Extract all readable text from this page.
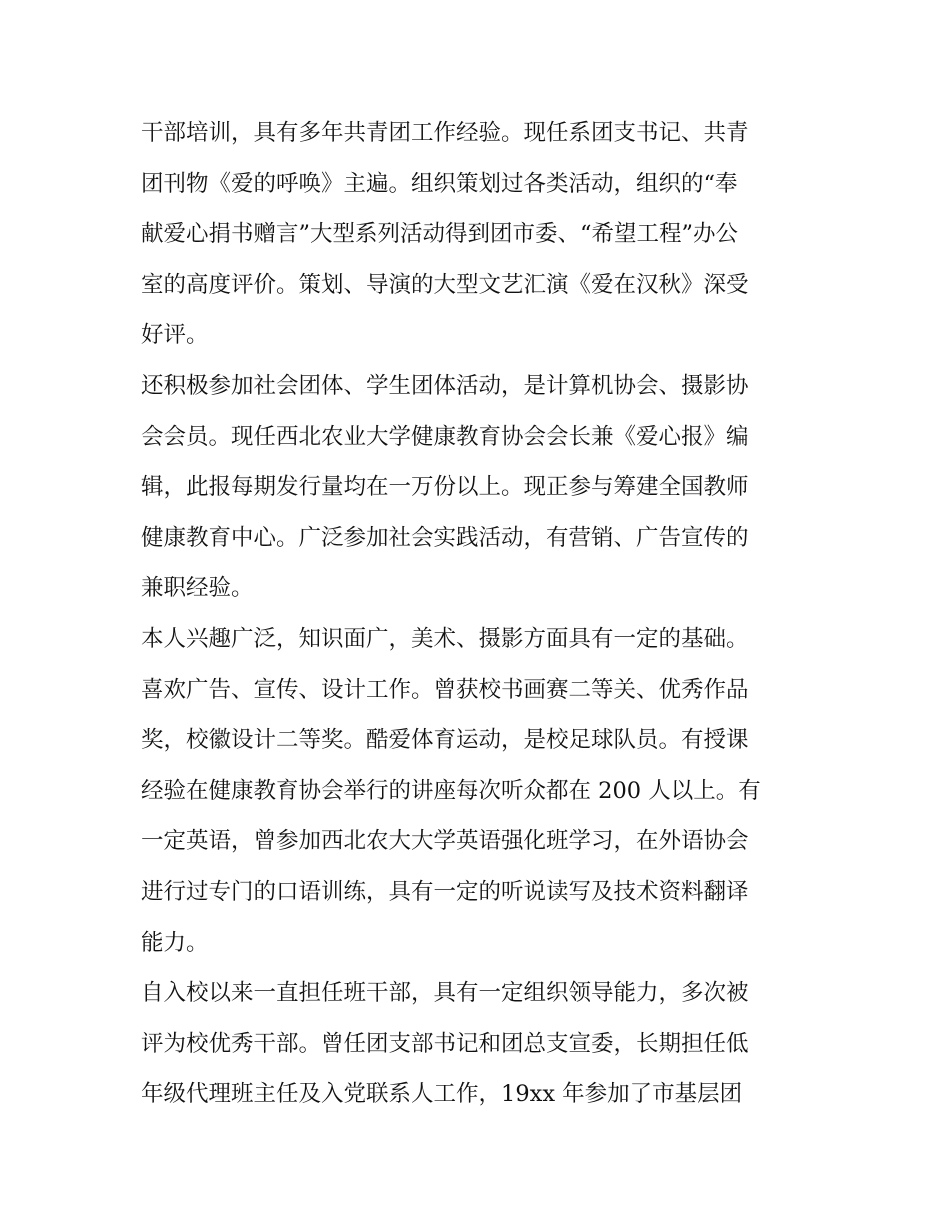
干部培训，具有多年共青团工作经验。现任系团支书记、共青
团刊物《爱的呼唤》主遍。组织策划过各类活动，组织的“奉
献爱心捐书赠言”大型系列活动得到团市委、“希望工程”办公
室的高度评价。策划、导演的大型文艺汇演《爱在汉秋》深受
好评。
还积极参加社会团体、学生团体活动，是计算机协会、摄影协
会会员。现任西北农业大学健康教育协会会长兼《爱心报》编
辑，此报每期发行量均在一万份以上。现正参与筹建全国教师
健康教育中心。广泛参加社会实践活动，有营销、广告宣传的
兼职经验。
本人兴趣广泛，知识面广，美术、摄影方面具有一定的基础。
喜欢广告、宣传、设计工作。曾获校书画赛二等关、优秀作品
奖，校徽设计二等奖。酷爱体育运动，是校足球队员。有授课
经验在健康教育协会举行的讲座每次听众都在 200 人以上。有
一定英语，曾参加西北农大大学英语强化班学习，在外语协会
进行过专门的口语训练，具有一定的听说读写及技术资料翻译
能力。
自入校以来一直担任班干部，具有一定组织领导能力，多次被
评为校优秀干部。曾任团支部书记和团总支宣委，长期担任低
年级代理班主任及入党联系人工作，19xx 年参加了市基层团
